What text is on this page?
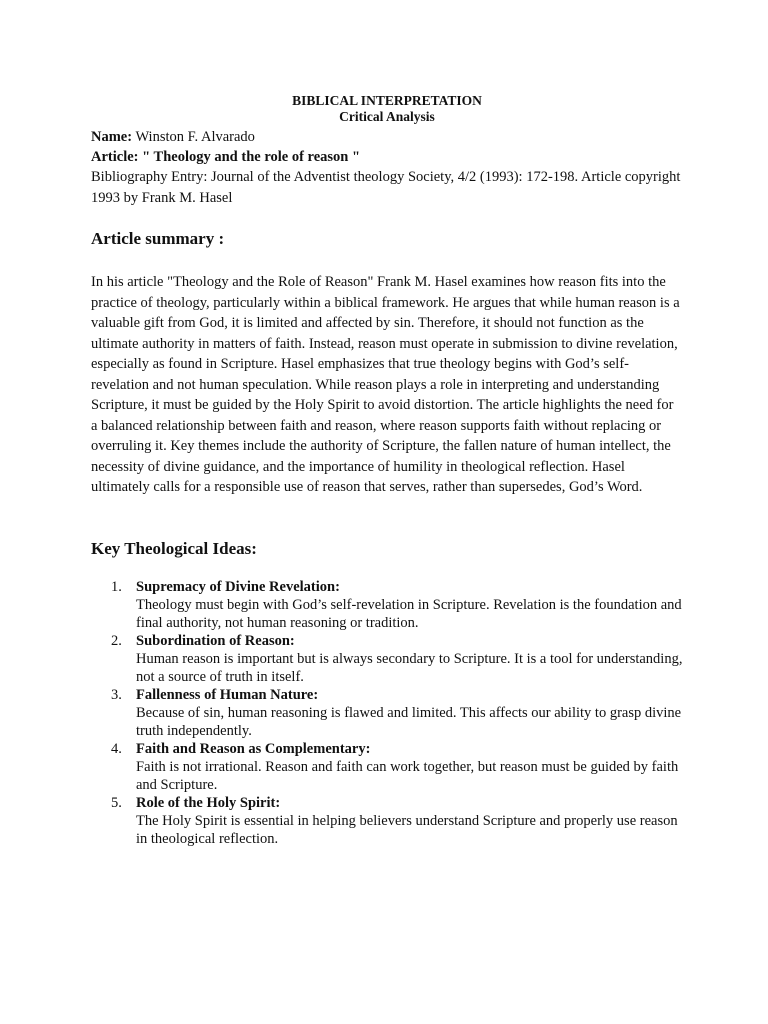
BIBLICAL INTERPRETATION

Critical Analysis

Name: Winston F. Alvarado

Article: " Theology and the role of reason "

Bibliography Entry: Journal of the Adventist theology Society, 4/2 (1993): 172-198. Article copyright 1993 by Frank M. Hasel

Article summary :

In his article "Theology and the Role of Reason" Frank M. Hasel examines how reason fits into the practice of theology, particularly within a biblical framework. He argues that while human reason is a valuable gift from God, it is limited and affected by sin. Therefore, it should not function as the ultimate authority in matters of faith. Instead, reason must operate in submission to divine revelation, especially as found in Scripture. Hasel emphasizes that true theology begins with God’s self-revelation and not human speculation. While reason plays a role in interpreting and understanding Scripture, it must be guided by the Holy Spirit to avoid distortion. The article highlights the need for a balanced relationship between faith and reason, where reason supports faith without replacing or overruling it. Key themes include the authority of Scripture, the fallen nature of human intellect, the necessity of divine guidance, and the importance of humility in theological reflection. Hasel ultimately calls for a responsible use of reason that serves, rather than supersedes, God’s Word.

Key Theological Ideas:
1. Supremacy of Divine Revelation:
Theology must begin with God’s self-revelation in Scripture. Revelation is the foundation and final authority, not human reasoning or tradition.
2. Subordination of Reason:
Human reason is important but is always secondary to Scripture. It is a tool for understanding, not a source of truth in itself.
3. Fallenness of Human Nature:
Because of sin, human reasoning is flawed and limited. This affects our ability to grasp divine truth independently.
4. Faith and Reason as Complementary:
Faith is not irrational. Reason and faith can work together, but reason must be guided by faith and Scripture.
5. Role of the Holy Spirit:
The Holy Spirit is essential in helping believers understand Scripture and properly use reason in theological reflection.
